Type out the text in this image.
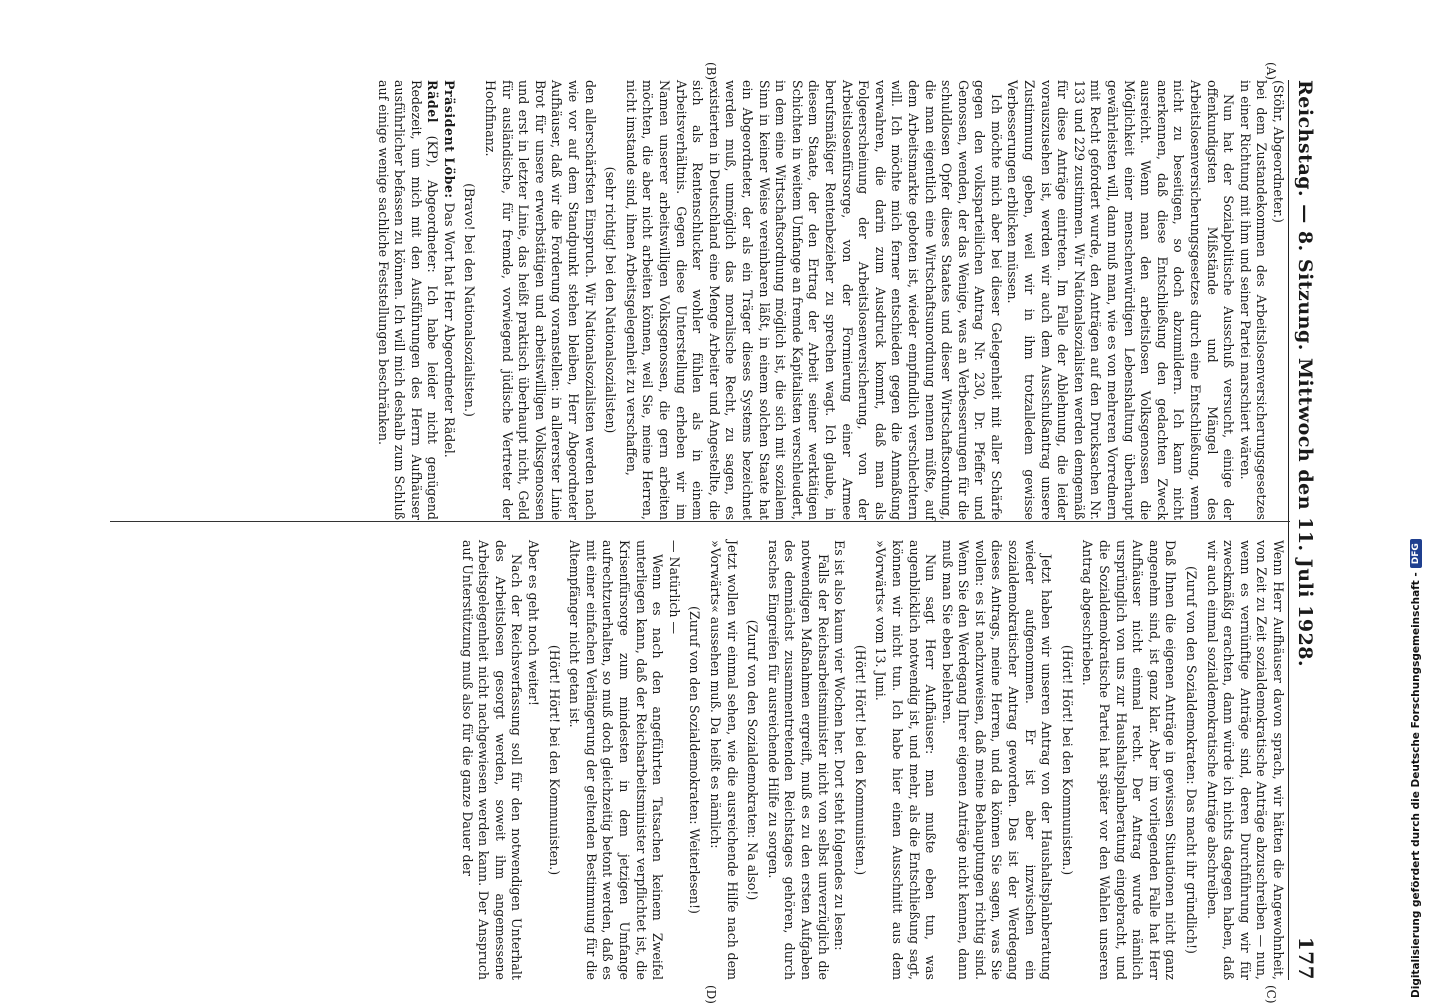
Reichstag. — 8. Sitzung. Mittwoch den 11. Juli 1928.
177
(A)
(B)
(C)
(D)

(Stöhr, Abgeordneter.)

bei dem Zustandekommen des Arbeitslosenversicherungsgesetzes in einer Richtung mit ihm und seiner Partei marschiert wären.

Nun hat der Sozialpolitische Ausschuß versucht, einige der offenkundigsten Mißstände und Mängel des Arbeitslosenversicherungsgesetzes durch eine Entschließung, wenn nicht zu beseitigen, so doch abzumildern. Ich kann nicht anerkennen, daß diese Entschließung den gedachten Zweck ausreicht. Wenn man den arbeitslosen Volksgenossen die Möglichkeit einer menschenwürdigen Lebenshaltung überhaupt gewährleisten will, dann muß man, wie es von mehreren Vorrednern mit Recht gefordert wurde, den Anträgen auf den Drucksachen Nr. 133 und 229 zustimmen. Wir Nationalsozialisten werden demgemäß für diese Anträge eintreten. Im Falle der Ablehnung, die leider vorauszusehen ist, werden wir auch dem Ausschußantrag unsere Zustimmung geben, weil wir in ihm trotzalledem gewisse Verbesserungen erblicken müssen.

Ich möchte mich aber bei dieser Gelegenheit mit aller Schärfe gegen den volksparteilichen Antrag Nr. 230, Dr. Pfeffer und Genossen, wenden, der das Wenige, was an Verbesserungen für die schuldlosen Opfer dieses Staates und dieser Wirtschaftsordnung, die man eigentlich eine Wirtschaftsunordnung nennen müßte, auf dem Arbeitsmarkte geboten ist, wieder empfindlich verschlechtern will. Ich möchte mich ferner entschieden gegen die Anmaßung verwahren, die darin zum Ausdruck kommt, daß man als Folgeerscheinung der Arbeitslosenversicherung, von der Arbeitslosenfürsorge, von der Formierung einer Armee berufsmäßiger Rentenbezieher zu sprechen wagt. Ich glaube, in diesem Staate, der den Ertrag der Arbeit seiner werktätigen Schichten in weitem Umfange an fremde Kapitalisten verschleudert, in dem eine Wirtschaftsordnung möglich ist, die sich mit sozialem Sinn in keiner Weise vereinbaren läßt, in einem solchen Staate hat ein Abgeordneter, der als ein Träger dieses Systems bezeichnet werden muß, unmöglich das moralische Recht, zu sagen, es existierten in Deutschland eine Menge Arbeiter und Angestellte, die sich als Rentenschlucker wohler fühlen als in einem Arbeitsverhältnis. Gegen diese Unterstellung erheben wir im Namen unserer arbeitswilligen Volksgenossen, die gern arbeiten möchten, die aber nicht arbeiten können, weil Sie, meine Herren, nicht imstande sind, ihnen Arbeitsgelegenheit zu verschaffen,

(sehr richtig! bei den Nationalsozialisten)

den allerschärfsten Einspruch. Wir Nationalsozialisten werden nach wie vor auf dem Standpunkt stehen bleiben, Herr Abgeordneter Aufhäuser, daß wir die Forderung voranstellen: in allererster Linie Brot für unsere erwerbstätigen und arbeitswilligen Volksgenossen und erst in letzter Linie, das heißt praktisch überhaupt nicht, Geld für ausländische, für fremde, vorwiegend jüdische Vertreter der Hochfinanz.

(Bravo! bei den Nationalsozialisten.)

Präsident Löbe: Das Wort hat Herr Abgeordneter Rädel.

Rädel (KP), Abgeordneter: Ich habe leider nicht genügend Redezeit, um mich mit den Ausführungen des Herrn Aufhäuser ausführlicher befassen zu können. Ich will mich deshalb zum Schluß auf einige wenige sachliche Feststellungen beschränken.

Wenn Herr Aufhäuser davon sprach, wir hätten die Angewohnheit, von Zeit zu Zeit sozialdemokratische Anträge abzuschreiben — nun, wenn es vernünftige Anträge sind, deren Durchführung wir für zweckmäßig erachten, dann würde ich nichts dagegen haben, daß wir auch einmal sozialdemokratische Anträge abschreiben.

(Zuruf von den Sozialdemokraten: Das macht ihr gründlich!)

Daß Ihnen die eigenen Anträge in gewissen Situationen nicht ganz angenehm sind, ist ganz klar. Aber im vorliegenden Falle hat Herr Aufhäuser nicht einmal recht. Der Antrag wurde nämlich ursprünglich von uns zur Haushaltsplanberatung eingebracht, und die Sozialdemokratische Partei hat später vor den Wahlen unseren Antrag abgeschrieben.

(Hört! Hört! bei den Kommunisten.)

Jetzt haben wir unseren Antrag von der Haushaltsplanberatung wieder aufgenommen. Er ist aber inzwischen ein sozialdemokratischer Antrag geworden. Das ist der Werdegang dieses Antrags, meine Herren, und da können Sie sagen, was Sie wollen: es ist nachzuweisen, daß meine Behauptungen richtig sind. Wenn Sie den Werdegang Ihrer eigenen Anträge nicht kennen, dann muß man Sie eben belehren.

Nun sagt Herr Aufhäuser: man mußte eben tun, was augenblicklich notwendig ist, und mehr, als die Entschließung sagt, können wir nicht tun. Ich habe hier einen Ausschnitt aus dem »Vorwärts« vom 13. Juni.

(Hört! Hört! bei den Kommunisten.)

Es ist also kaum vier Wochen her. Dort steht folgendes zu lesen:

Falls der Reichsarbeitsminister nicht von selbst unverzüglich die notwendigen Maßnahmen ergreift, muß es zu den ersten Aufgaben des demnächst zusammentretenden Reichstages gehören, durch rasches Eingreifen für ausreichende Hilfe zu sorgen.

(Zuruf von den Sozialdemokraten: Na also!)

Jetzt wollen wir einmal sehen, wie die ausreichende Hilfe nach dem »Vorwärts« aussehen muß. Da heißt es nämlich:

(Zuruf von den Sozialdemokraten: Weiterlesen!)

— Natürlich —

Wenn es nach den angeführten Tatsachen keinem Zweifel unterliegen kann, daß der Reichsarbeitsminister verpflichtet ist, die Krisenfürsorge zum mindesten in dem jetzigen Umfange aufrechtzuerhalten, so muß doch gleichzeitig betont werden, daß es mit einer einfachen Verlängerung der geltenden Bestimmung für die Altempfänger nicht getan ist.

(Hört! Hört! bei den Kommunisten.)

Aber es geht noch weiter!

Nach der Reichsverfassung soll für den notwendigen Unterhalt des Arbeitslosen gesorgt werden, soweit ihm angemessene Arbeitsgelegenheit nicht nachgewiesen werden kann. Der Anspruch auf Unterstützung muß also für die ganze Dauer der	Digitalisierung gefördert durch die Deutsche Forschungsgemeinschaft -
DFG
